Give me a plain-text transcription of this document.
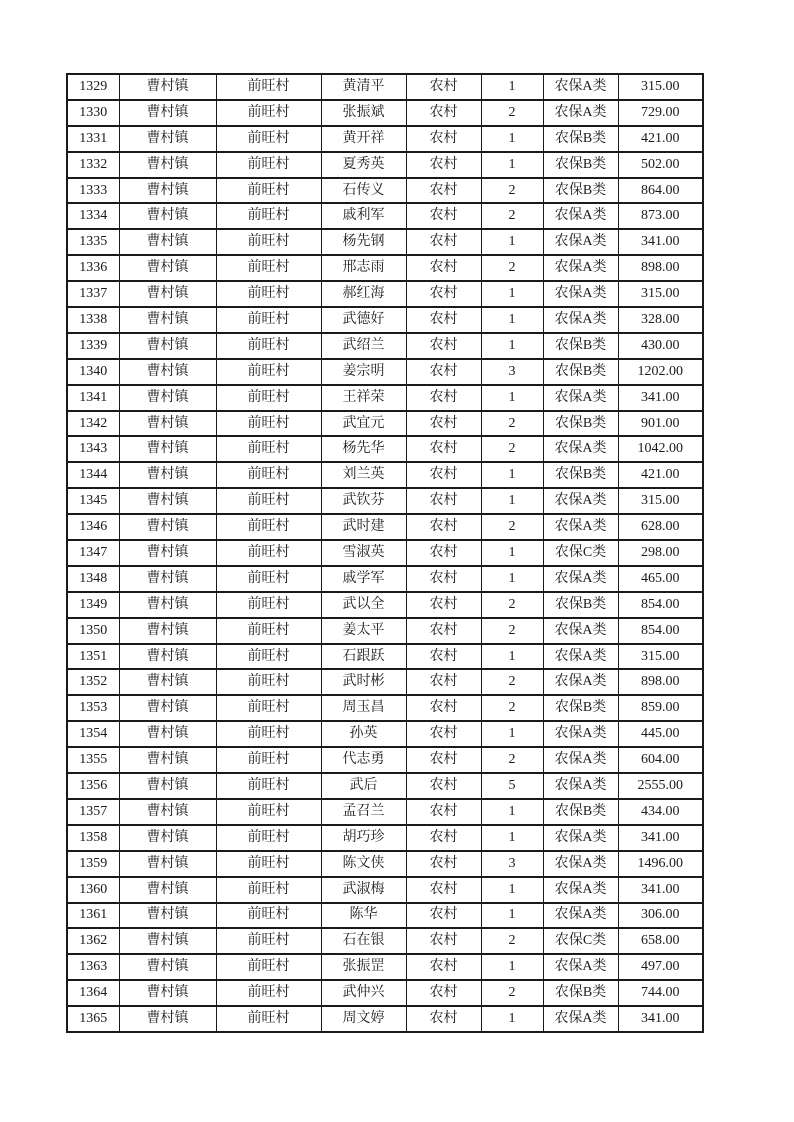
1329	曹村镇	前旺村	黄清平	农村	1	农保A类	315.00
1330	曹村镇	前旺村	张振斌	农村	2	农保A类	729.00
1331	曹村镇	前旺村	黄开祥	农村	1	农保B类	421.00
1332	曹村镇	前旺村	夏秀英	农村	1	农保B类	502.00
1333	曹村镇	前旺村	石传义	农村	2	农保B类	864.00
1334	曹村镇	前旺村	戚利军	农村	2	农保A类	873.00
1335	曹村镇	前旺村	杨先钢	农村	1	农保A类	341.00
1336	曹村镇	前旺村	邢志雨	农村	2	农保A类	898.00
1337	曹村镇	前旺村	郝红海	农村	1	农保A类	315.00
1338	曹村镇	前旺村	武德好	农村	1	农保A类	328.00
1339	曹村镇	前旺村	武绍兰	农村	1	农保B类	430.00
1340	曹村镇	前旺村	姜宗明	农村	3	农保B类	1202.00
1341	曹村镇	前旺村	王祥荣	农村	1	农保A类	341.00
1342	曹村镇	前旺村	武宜元	农村	2	农保B类	901.00
1343	曹村镇	前旺村	杨先华	农村	2	农保A类	1042.00
1344	曹村镇	前旺村	刘兰英	农村	1	农保B类	421.00
1345	曹村镇	前旺村	武钦芬	农村	1	农保A类	315.00
1346	曹村镇	前旺村	武时建	农村	2	农保A类	628.00
1347	曹村镇	前旺村	雪淑英	农村	1	农保C类	298.00
1348	曹村镇	前旺村	戚学军	农村	1	农保A类	465.00
1349	曹村镇	前旺村	武以全	农村	2	农保B类	854.00
1350	曹村镇	前旺村	姜太平	农村	2	农保A类	854.00
1351	曹村镇	前旺村	石跟跃	农村	1	农保A类	315.00
1352	曹村镇	前旺村	武时彬	农村	2	农保A类	898.00
1353	曹村镇	前旺村	周玉昌	农村	2	农保B类	859.00
1354	曹村镇	前旺村	孙英	农村	1	农保A类	445.00
1355	曹村镇	前旺村	代志勇	农村	2	农保A类	604.00
1356	曹村镇	前旺村	武后	农村	5	农保A类	2555.00
1357	曹村镇	前旺村	孟召兰	农村	1	农保B类	434.00
1358	曹村镇	前旺村	胡巧珍	农村	1	农保A类	341.00
1359	曹村镇	前旺村	陈文侠	农村	3	农保A类	1496.00
1360	曹村镇	前旺村	武淑梅	农村	1	农保A类	341.00
1361	曹村镇	前旺村	陈华	农村	1	农保A类	306.00
1362	曹村镇	前旺村	石在银	农村	2	农保C类	658.00
1363	曹村镇	前旺村	张振罡	农村	1	农保A类	497.00
1364	曹村镇	前旺村	武仲兴	农村	2	农保B类	744.00
1365	曹村镇	前旺村	周文婷	农村	1	农保A类	341.00
